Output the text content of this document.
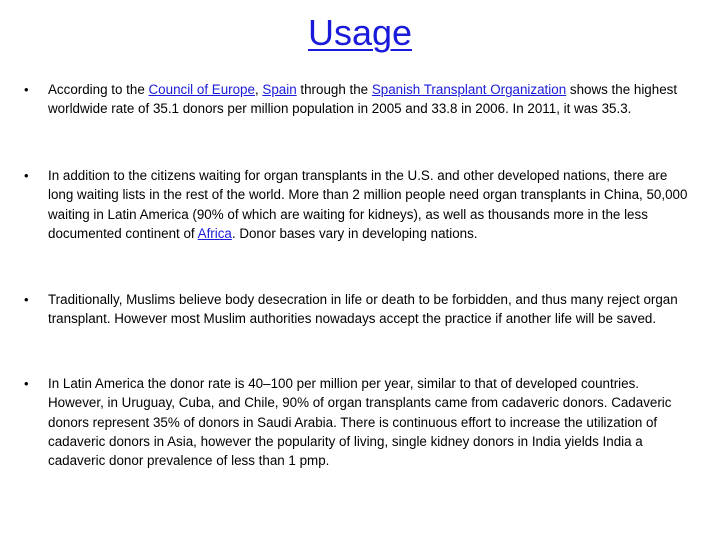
Usage
•	According to the Council of Europe, Spain through the Spanish Transplant Organization shows the highest worldwide rate of 35.1 donors per million population in 2005 and 33.8 in 2006. In 2011, it was 35.3.
•	In addition to the citizens waiting for organ transplants in the U.S. and other developed nations, there are long waiting lists in the rest of the world. More than 2 million people need organ transplants in China, 50,000 waiting in Latin America (90% of which are waiting for kidneys), as well as thousands more in the less documented continent of Africa. Donor bases vary in developing nations.
•	Traditionally, Muslims believe body desecration in life or death to be forbidden, and thus many reject organ transplant. However most Muslim authorities nowadays accept the practice if another life will be saved.
•	In Latin America the donor rate is 40–100 per million per year, similar to that of developed countries. However, in Uruguay, Cuba, and Chile, 90% of organ transplants came from cadaveric donors. Cadaveric donors represent 35% of donors in Saudi Arabia. There is continuous effort to increase the utilization of cadaveric donors in Asia, however the popularity of living, single kidney donors in India yields India a cadaveric donor prevalence of less than 1 pmp.
